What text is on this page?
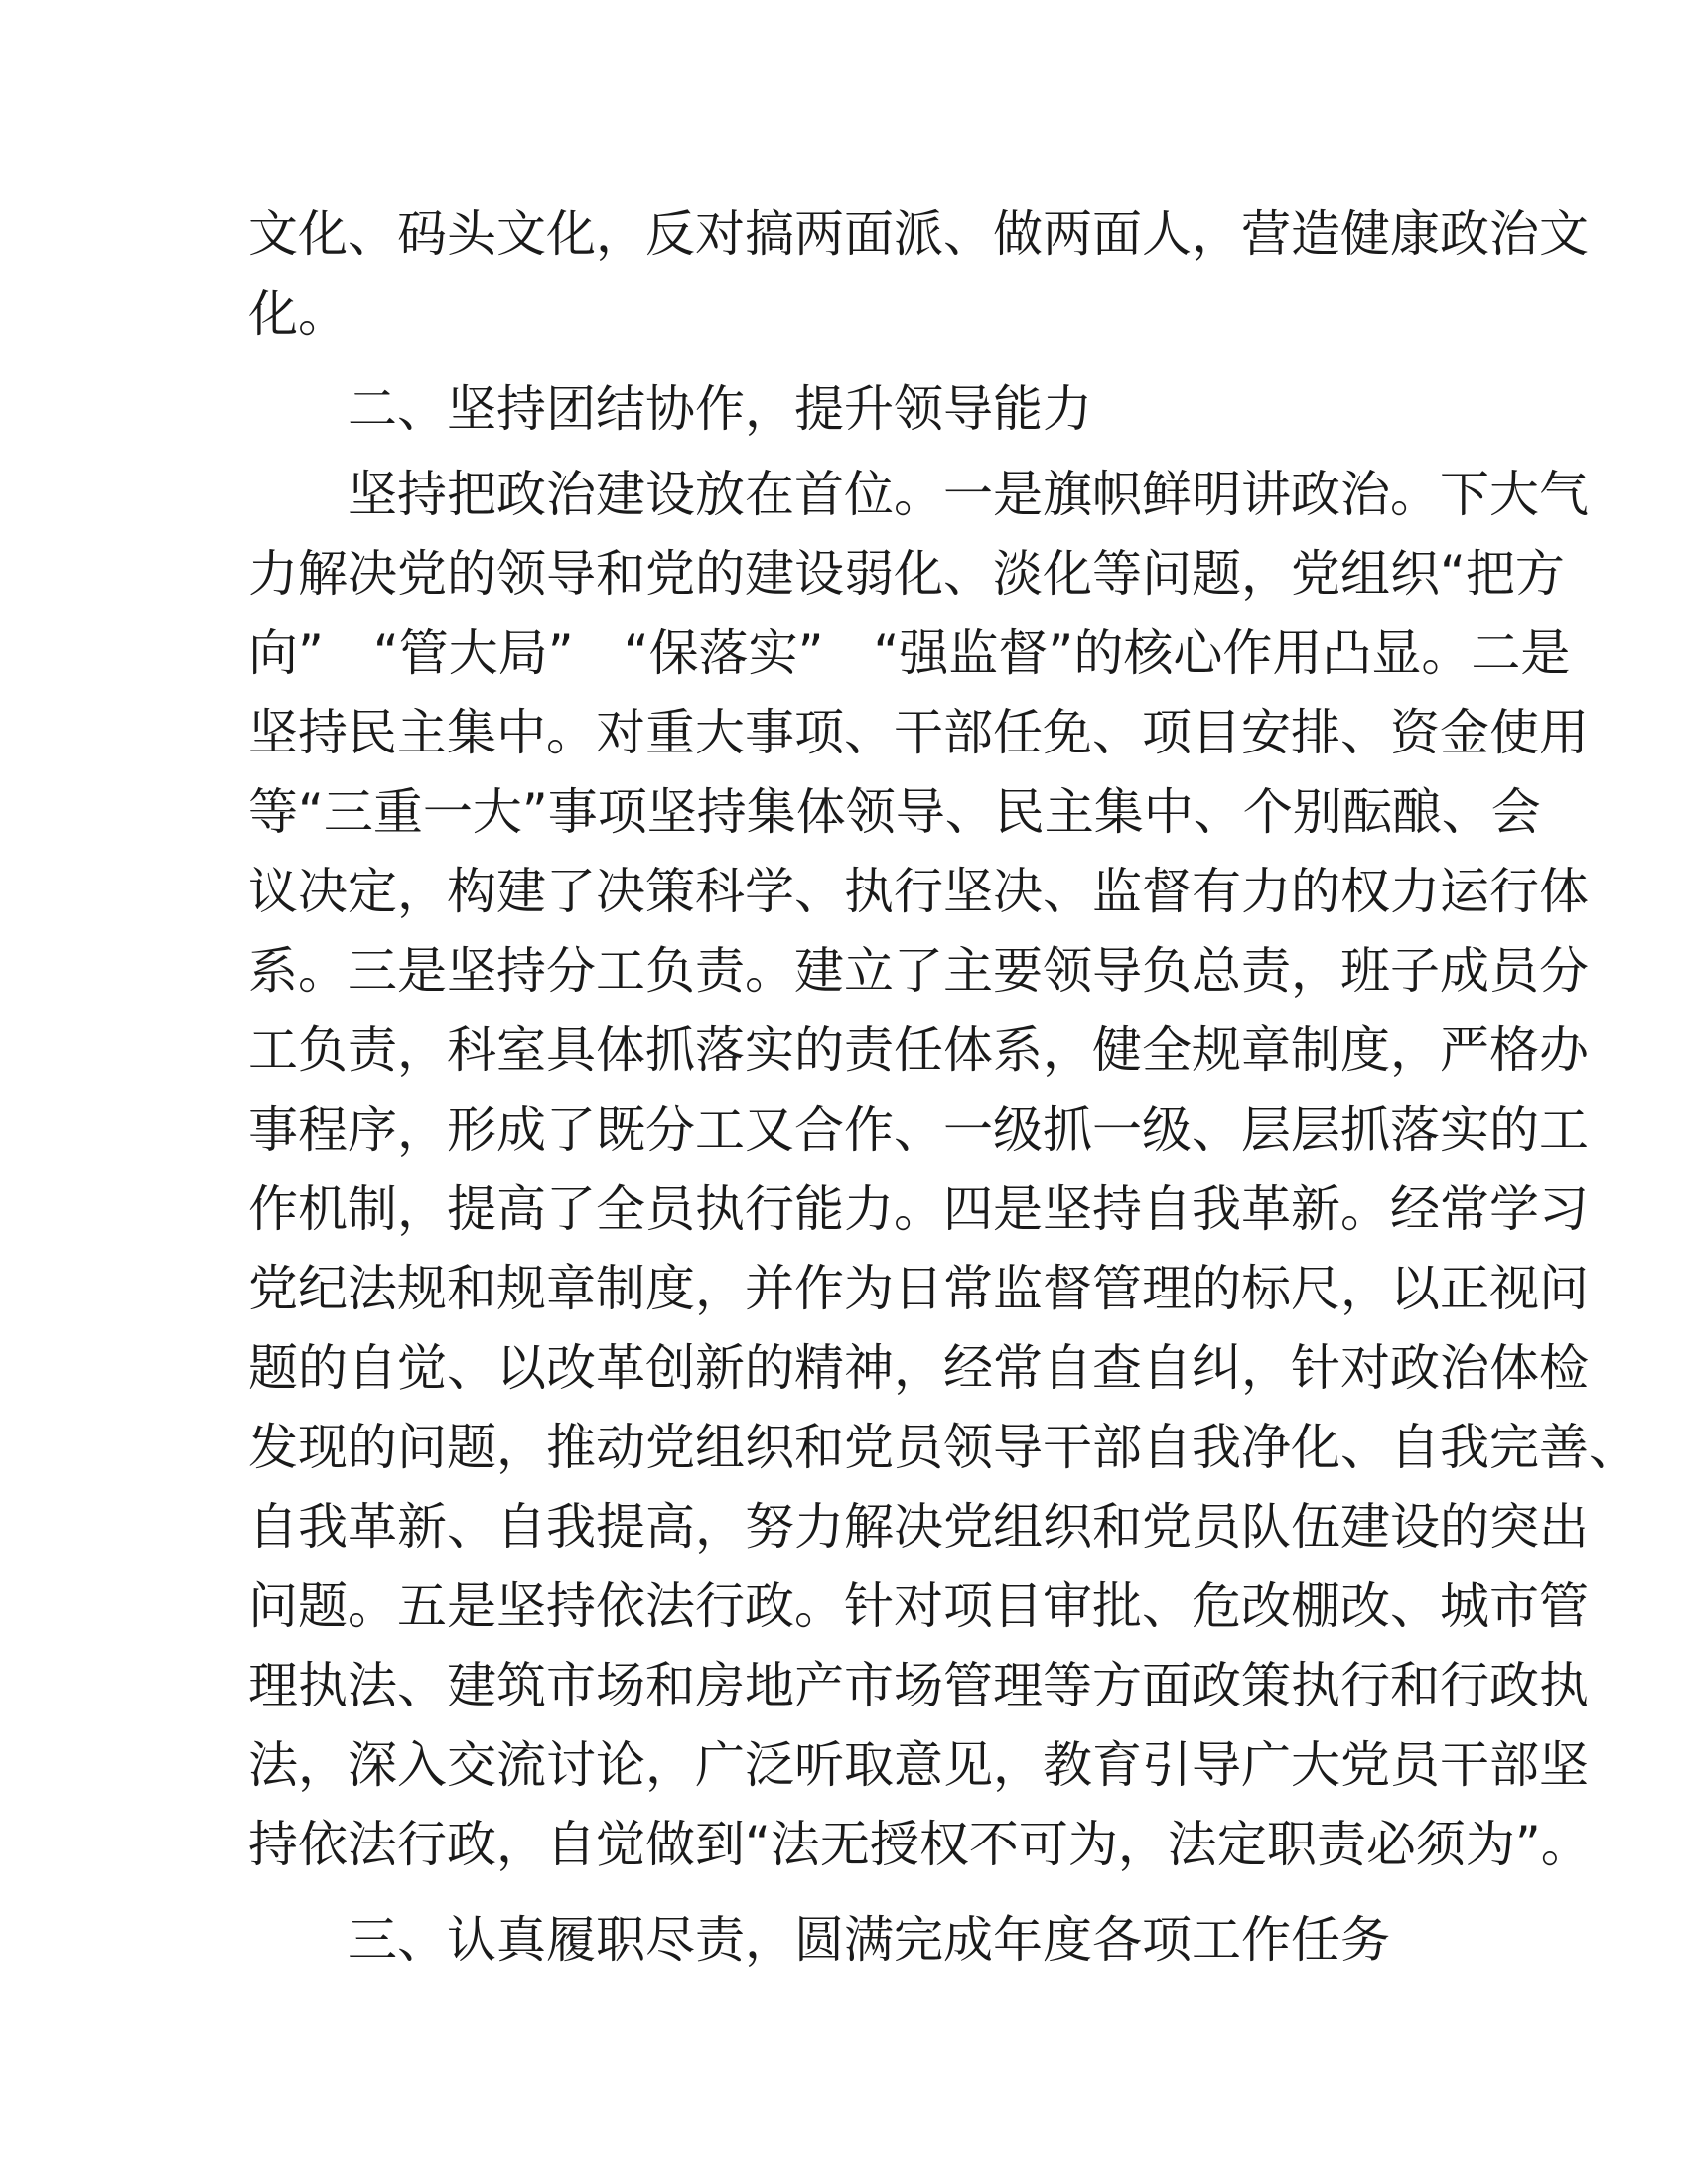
文化、码头文化，反对搞两面派、做两面人，营造健康政治文
化。
　　二、坚持团结协作，提升领导能力
　　坚持把政治建设放在首位。一是旗帜鲜明讲政治。下大气
力解决党的领导和党的建设弱化、淡化等问题，党组织“把方
向”　“管大局”　“保落实”　“强监督”的核心作用凸显。二是
坚持民主集中。对重大事项、干部任免、项目安排、资金使用
等“三重一大”事项坚持集体领导、民主集中、个别酝酿、会
议决定，构建了决策科学、执行坚决、监督有力的权力运行体
系。三是坚持分工负责。建立了主要领导负总责，班子成员分
工负责，科室具体抓落实的责任体系，健全规章制度，严格办
事程序，形成了既分工又合作、一级抓一级、层层抓落实的工
作机制，提高了全员执行能力。四是坚持自我革新。经常学习
党纪法规和规章制度，并作为日常监督管理的标尺，以正视问
题的自觉、以改革创新的精神，经常自查自纠，针对政治体检
发现的问题，推动党组织和党员领导干部自我净化、自我完善、
自我革新、自我提高，努力解决党组织和党员队伍建设的突出
问题。五是坚持依法行政。针对项目审批、危改棚改、城市管
理执法、建筑市场和房地产市场管理等方面政策执行和行政执
法，深入交流讨论，广泛听取意见，教育引导广大党员干部坚
持依法行政，自觉做到“法无授权不可为，法定职责必须为”。
　　三、认真履职尽责，圆满完成年度各项工作任务
